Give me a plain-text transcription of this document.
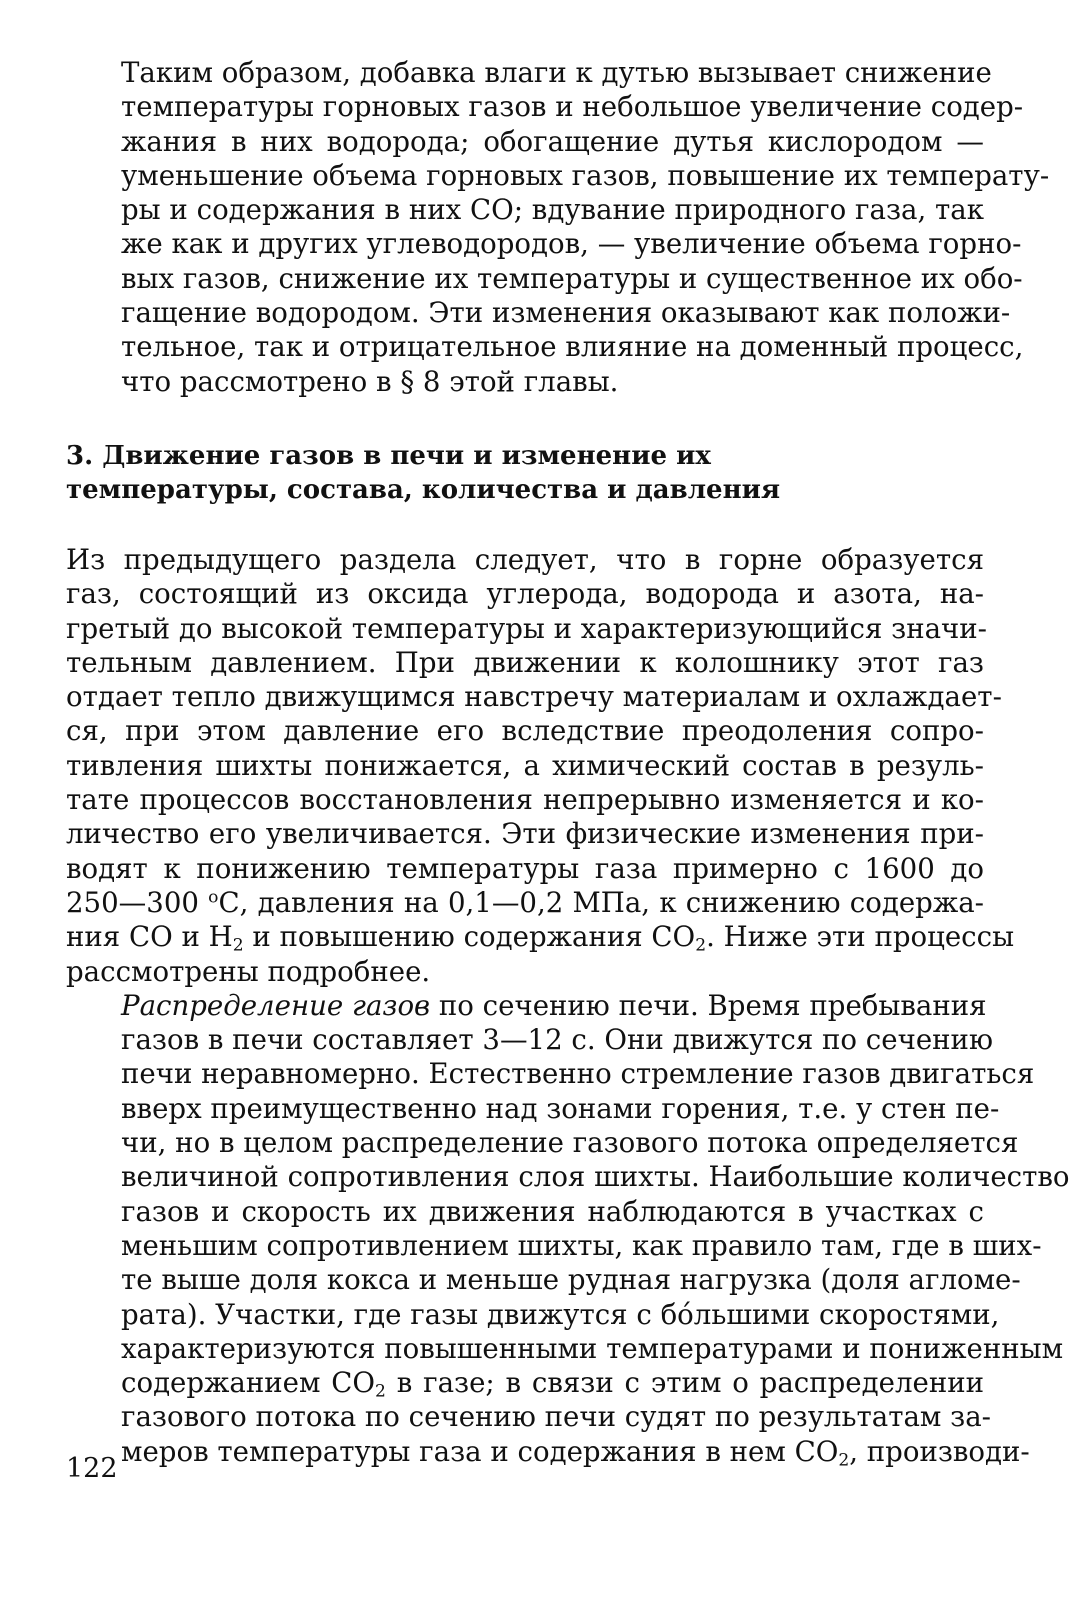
Таким образом, добавка влаги к дутью вызывает снижение
температуры горновых газов и небольшое увеличение содер-
жания в них водорода; обогащение дутья кислородом —
уменьшение объема горновых газов, повышение их температу-
ры и содержания в них СО; вдувание природного газа, так
же как и других углеводородов, — увеличение объема горно-
вых газов, снижение их температуры и существенное их обо-
гащение водородом. Эти изменения оказывают как положи-
тельное, так и отрицательное влияние на доменный процесс,
что рассмотрено в § 8 этой главы.

3. Движение газов в печи и изменение их
температуры, состава, количества и давления

Из предыдущего раздела следует, что в горне образуется
газ, состоящий из оксида углерода, водорода и азота, на-
гретый до высокой температуры и характеризующийся значи-
тельным давлением. При движении к колошнику этот газ
отдает тепло движущимся навстречу материалам и охлаждает-
ся, при этом давление его вследствие преодоления сопро-
тивления шихты понижается, а химический состав в резуль-
тате процессов восстановления непрерывно изменяется и ко-
личество его увеличивается. Эти физические изменения при-
водят к понижению температуры газа примерно с 1600 до
250—300 $^о$С, давления на 0,1—0,2 МПа, к снижению содержа-
ния СО и $Н_2$ и повышению содержания $СО_2$. Ниже эти процессы
рассмотрены подробнее.

Распределение газов по сечению печи. Время пребывания
газов в печи составляет 3—12 с. Они движутся по сечению
печи неравномерно. Естественно стремление газов двигаться
вверх преимущественно над зонами горения, т.е. у стен пе-
чи, но в целом распределение газового потока определяется
величиной сопротивления слоя шихты. Наибольшие количество
газов и скорость их движения наблюдаются в участках с
меньшим сопротивлением шихты, как правило там, где в ших-
те выше доля кокса и меньше рудная нагрузка (доля агломе-
рата). Участки, где газы движутся с бóльшими скоростями,
характеризуются повышенными температурами и пониженным
содержанием $СО_2$ в газе; в связи с этим о распределении
газового потока по сечению печи судят по результатам за-
меров температуры газа и содержания в нем $СО_2$, производи-

122
